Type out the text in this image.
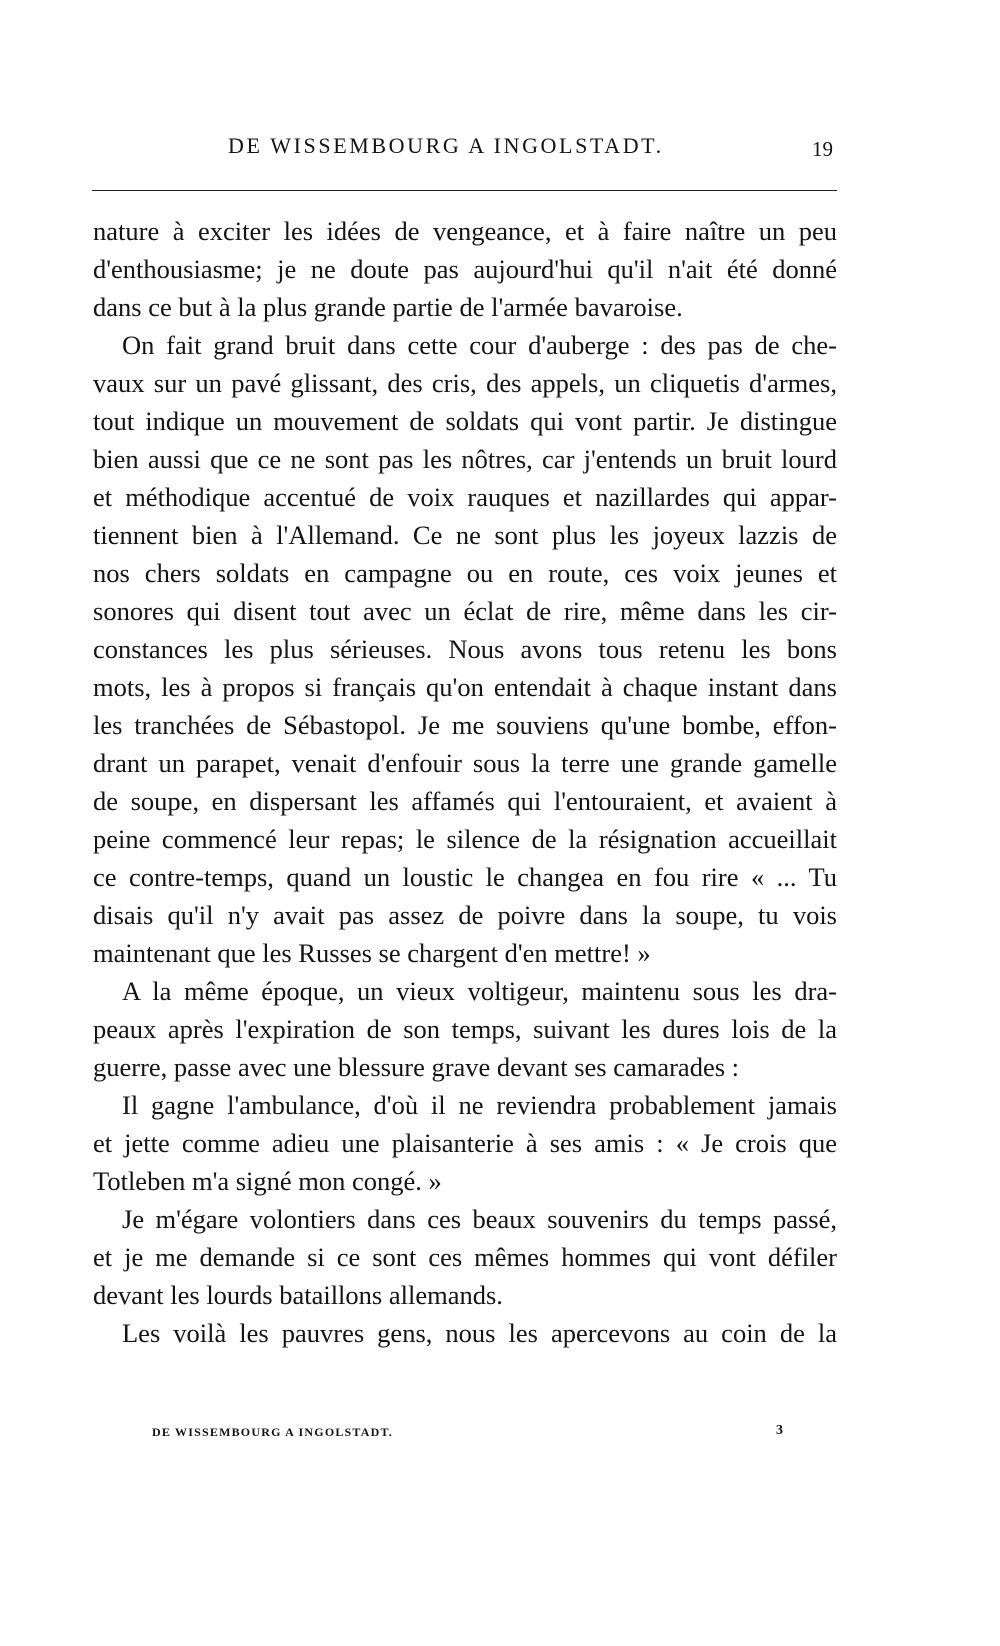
DE WISSEMBOURG A INGOLSTADT.	19
nature à exciter les idées de vengeance, et à faire naître un peu
d'enthousiasme; je ne doute pas aujourd'hui qu'il n'ait été donné
dans ce but à la plus grande partie de l'armée bavaroise.
On fait grand bruit dans cette cour d'auberge : des pas de che-
vaux sur un pavé glissant, des cris, des appels, un cliquetis d'armes,
tout indique un mouvement de soldats qui vont partir. Je distingue
bien aussi que ce ne sont pas les nôtres, car j'entends un bruit lourd
et méthodique accentué de voix rauques et nazillardes qui appar-
tiennent bien à l'Allemand. Ce ne sont plus les joyeux lazzis de
nos chers soldats en campagne ou en route, ces voix jeunes et
sonores qui disent tout avec un éclat de rire, même dans les cir-
constances les plus sérieuses. Nous avons tous retenu les bons
mots, les à propos si français qu'on entendait à chaque instant dans
les tranchées de Sébastopol. Je me souviens qu'une bombe, effon-
drant un parapet, venait d'enfouir sous la terre une grande gamelle
de soupe, en dispersant les affamés qui l'entouraient, et avaient à
peine commencé leur repas; le silence de la résignation accueillait
ce contre-temps, quand un loustic le changea en fou rire « ... Tu
disais qu'il n'y avait pas assez de poivre dans la soupe, tu vois
maintenant que les Russes se chargent d'en mettre! »
A la même époque, un vieux voltigeur, maintenu sous les dra-
peaux après l'expiration de son temps, suivant les dures lois de la
guerre, passe avec une blessure grave devant ses camarades :
Il gagne l'ambulance, d'où il ne reviendra probablement jamais
et jette comme adieu une plaisanterie à ses amis : « Je crois que
Totleben m'a signé mon congé. »
Je m'égare volontiers dans ces beaux souvenirs du temps passé,
et je me demande si ce sont ces mêmes hommes qui vont défiler
devant les lourds bataillons allemands.
Les voilà les pauvres gens, nous les apercevons au coin de la
DE WISSEMBOURG A INGOLSTADT.	3
